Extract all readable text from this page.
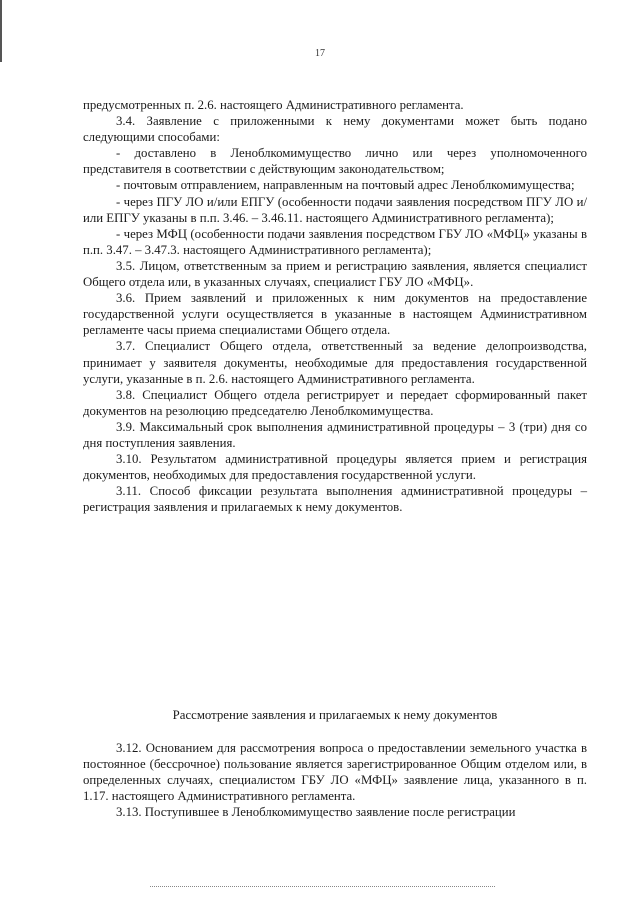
17

предусмотренных п. 2.6. настоящего Административного регламента.

3.4. Заявление с приложенными к нему документами может быть подано следующими способами:

- доставлено в Леноблкомимущество лично или через уполномоченного представителя в соответствии с действующим законодательством;

- почтовым отправлением, направленным на почтовый адрес Леноблкомимущества;

- через ПГУ ЛО и/или ЕПГУ (особенности подачи заявления посредством ПГУ ЛО и/или ЕПГУ указаны в п.п. 3.46. – 3.46.11. настоящего Административного регламента);

- через МФЦ (особенности подачи заявления посредством ГБУ ЛО «МФЦ» указаны в п.п. 3.47. – 3.47.3. настоящего Административного регламента);

3.5. Лицом, ответственным за прием и регистрацию заявления, является специалист Общего отдела или, в указанных случаях, специалист ГБУ ЛО «МФЦ».

3.6. Прием заявлений и приложенных к ним документов на предоставление государственной услуги осуществляется в указанные в настоящем Административном регламенте часы приема специалистами Общего отдела.

3.7. Специалист Общего отдела, ответственный за ведение делопроизводства, принимает у заявителя документы, необходимые для предоставления государственной услуги, указанные в п. 2.6. настоящего Административного регламента.

3.8. Специалист Общего отдела регистрирует и передает сформированный пакет документов на резолюцию председателю Леноблкомимущества.

3.9. Максимальный срок выполнения административной процедуры – 3 (три) дня со дня поступления заявления.

3.10. Результатом административной процедуры является прием и регистрация документов, необходимых для предоставления государственной услуги.

3.11. Способ фиксации результата выполнения административной процедуры – регистрация заявления и прилагаемых к нему документов.

Рассмотрение заявления и прилагаемых к нему документов

3.12. Основанием для рассмотрения вопроса о предоставлении земельного участка в постоянное (бессрочное) пользование является зарегистрированное Общим отделом или, в определенных случаях, специалистом ГБУ ЛО «МФЦ» заявление лица, указанного в п. 1.17. настоящего Административного регламента.

3.13. Поступившее в Леноблкомимущество заявление после регистрации
